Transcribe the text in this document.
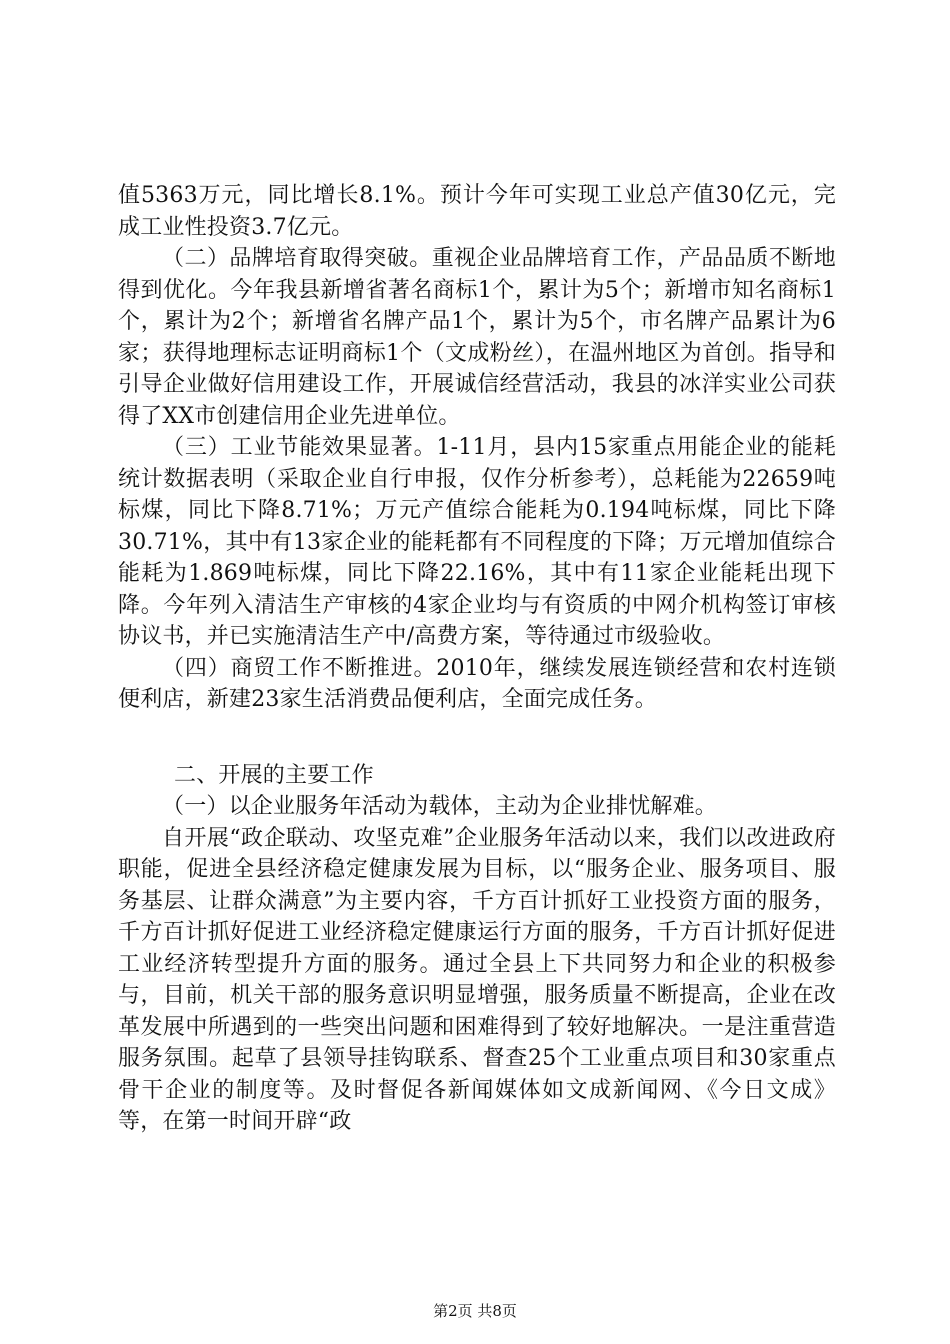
值5363万元，同比增长8.1%。预计今年可实现工业总产值30亿元，完成工业性投资3.7亿元。

（二）品牌培育取得突破。重视企业品牌培育工作，产品品质不断地得到优化。今年我县新增省著名商标1个，累计为5个；新增市知名商标1个，累计为2个；新增省名牌产品1个，累计为5个，市名牌产品累计为6家；获得地理标志证明商标1个（文成粉丝），在温州地区为首创。指导和引导企业做好信用建设工作，开展诚信经营活动，我县的冰洋实业公司获得了XX市创建信用企业先进单位。

（三）工业节能效果显著。1-11月，县内15家重点用能企业的能耗统计数据表明（采取企业自行申报，仅作分析参考），总耗能为22659吨标煤，同比下降8.71%；万元产值综合能耗为0.194吨标煤，同比下降30.71%，其中有13家企业的能耗都有不同程度的下降；万元增加值综合能耗为1.869吨标煤，同比下降22.16%，其中有11家企业能耗出现下降。今年列入清洁生产审核的4家企业均与有资质的中网介机构签订审核协议书，并已实施清洁生产中/高费方案，等待通过市级验收。

（四）商贸工作不断推进。2010年，继续发展连锁经营和农村连锁便利店，新建23家生活消费品便利店，全面完成任务。

二、开展的主要工作

（一）以企业服务年活动为载体，主动为企业排忧解难。

自开展“政企联动、攻坚克难”企业服务年活动以来，我们以改进政府职能，促进全县经济稳定健康发展为目标，以“服务企业、服务项目、服务基层、让群众满意”为主要内容，千方百计抓好工业投资方面的服务，千方百计抓好促进工业经济稳定健康运行方面的服务，千方百计抓好促进工业经济转型提升方面的服务。通过全县上下共同努力和企业的积极参与，目前，机关干部的服务意识明显增强，服务质量不断提高，企业在改革发展中所遇到的一些突出问题和困难得到了较好地解决。一是注重营造服务氛围。起草了县领导挂钩联系、督查25个工业重点项目和30家重点骨干企业的制度等。及时督促各新闻媒体如文成新闻网、《今日文成》等，在第一时间开辟“政

第2页 共8页
